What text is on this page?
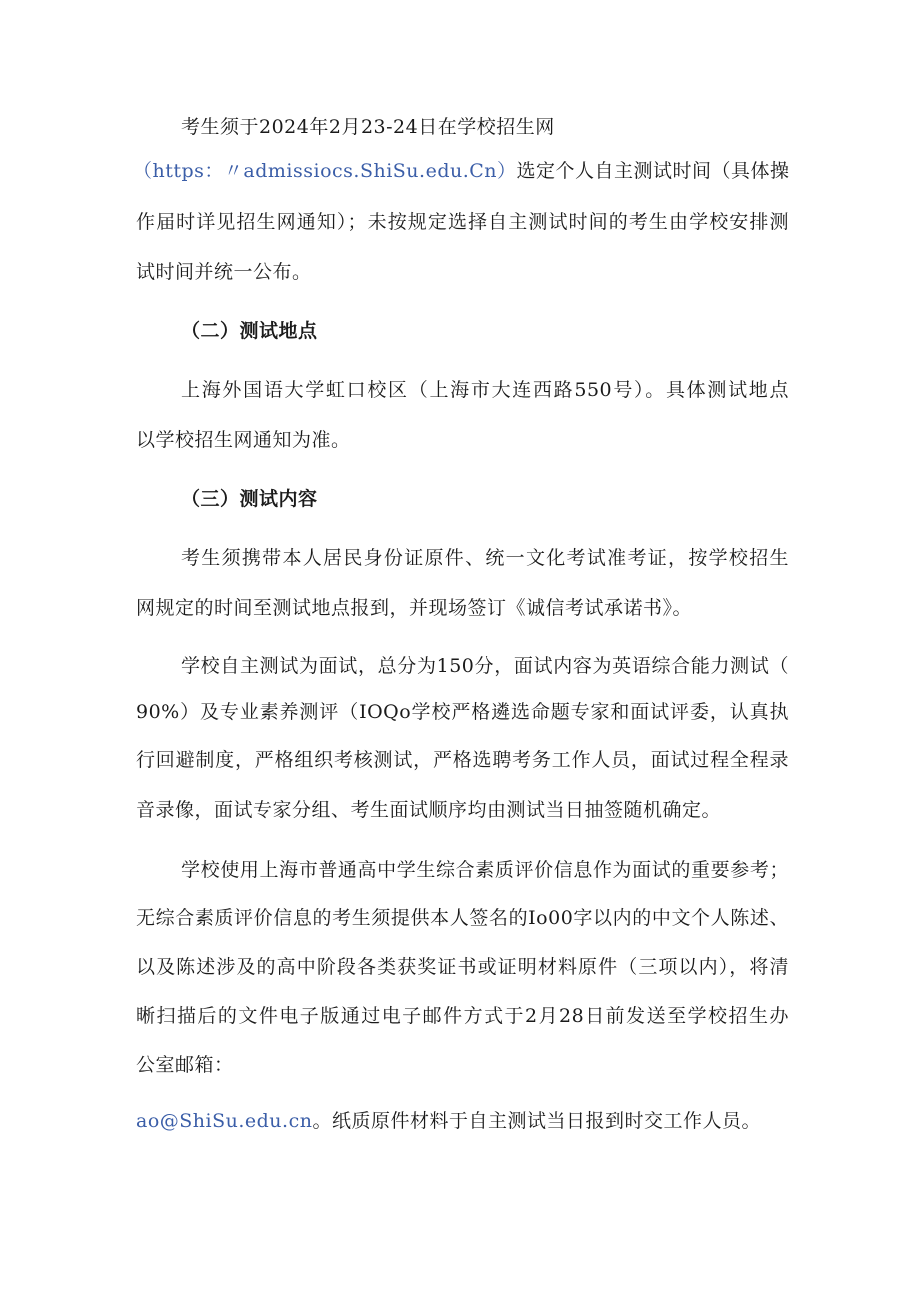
考生须于2024年2月23-24日在学校招生网
（https：〃admissiocs.ShiSu.edu.Cn） 选定个人自主测试时间（具体操
作届时详见招生网通知）；未按规定选择自主测试时间的考生由学校安排测
试时间并统一公布。
（二）测试地点
上海外国语大学虹口校区（上海市大连西路550号）。具体测试地点
以学校招生网通知为准。
（三）测试内容
考生须携带本人居民身份证原件、统一文化考试准考证，按学校招生
网规定的时间至测试地点报到，并现场签订《诚信考试承诺书》。
学校自主测试为面试，总分为150分，面试内容为英语综合能力测试（
90%）及专业素养测评（IOQo学校严格遴选命题专家和面试评委，认真执
行回避制度，严格组织考核测试，严格选聘考务工作人员，面试过程全程录
音录像，面试专家分组、考生面试顺序均由测试当日抽签随机确定。
学校使用上海市普通高中学生综合素质评价信息作为面试的重要参考；
无综合素质评价信息的考生须提供本人签名的Io00字以内的中文个人陈述、
以及陈述涉及的高中阶段各类获奖证书或证明材料原件（三项以内），将清
晰扫描后的文件电子版通过电子邮件方式于2月28日前发送至学校招生办
公室邮箱：
ao@ShiSu.edu.cn。纸质原件材料于自主测试当日报到时交工作人员。
